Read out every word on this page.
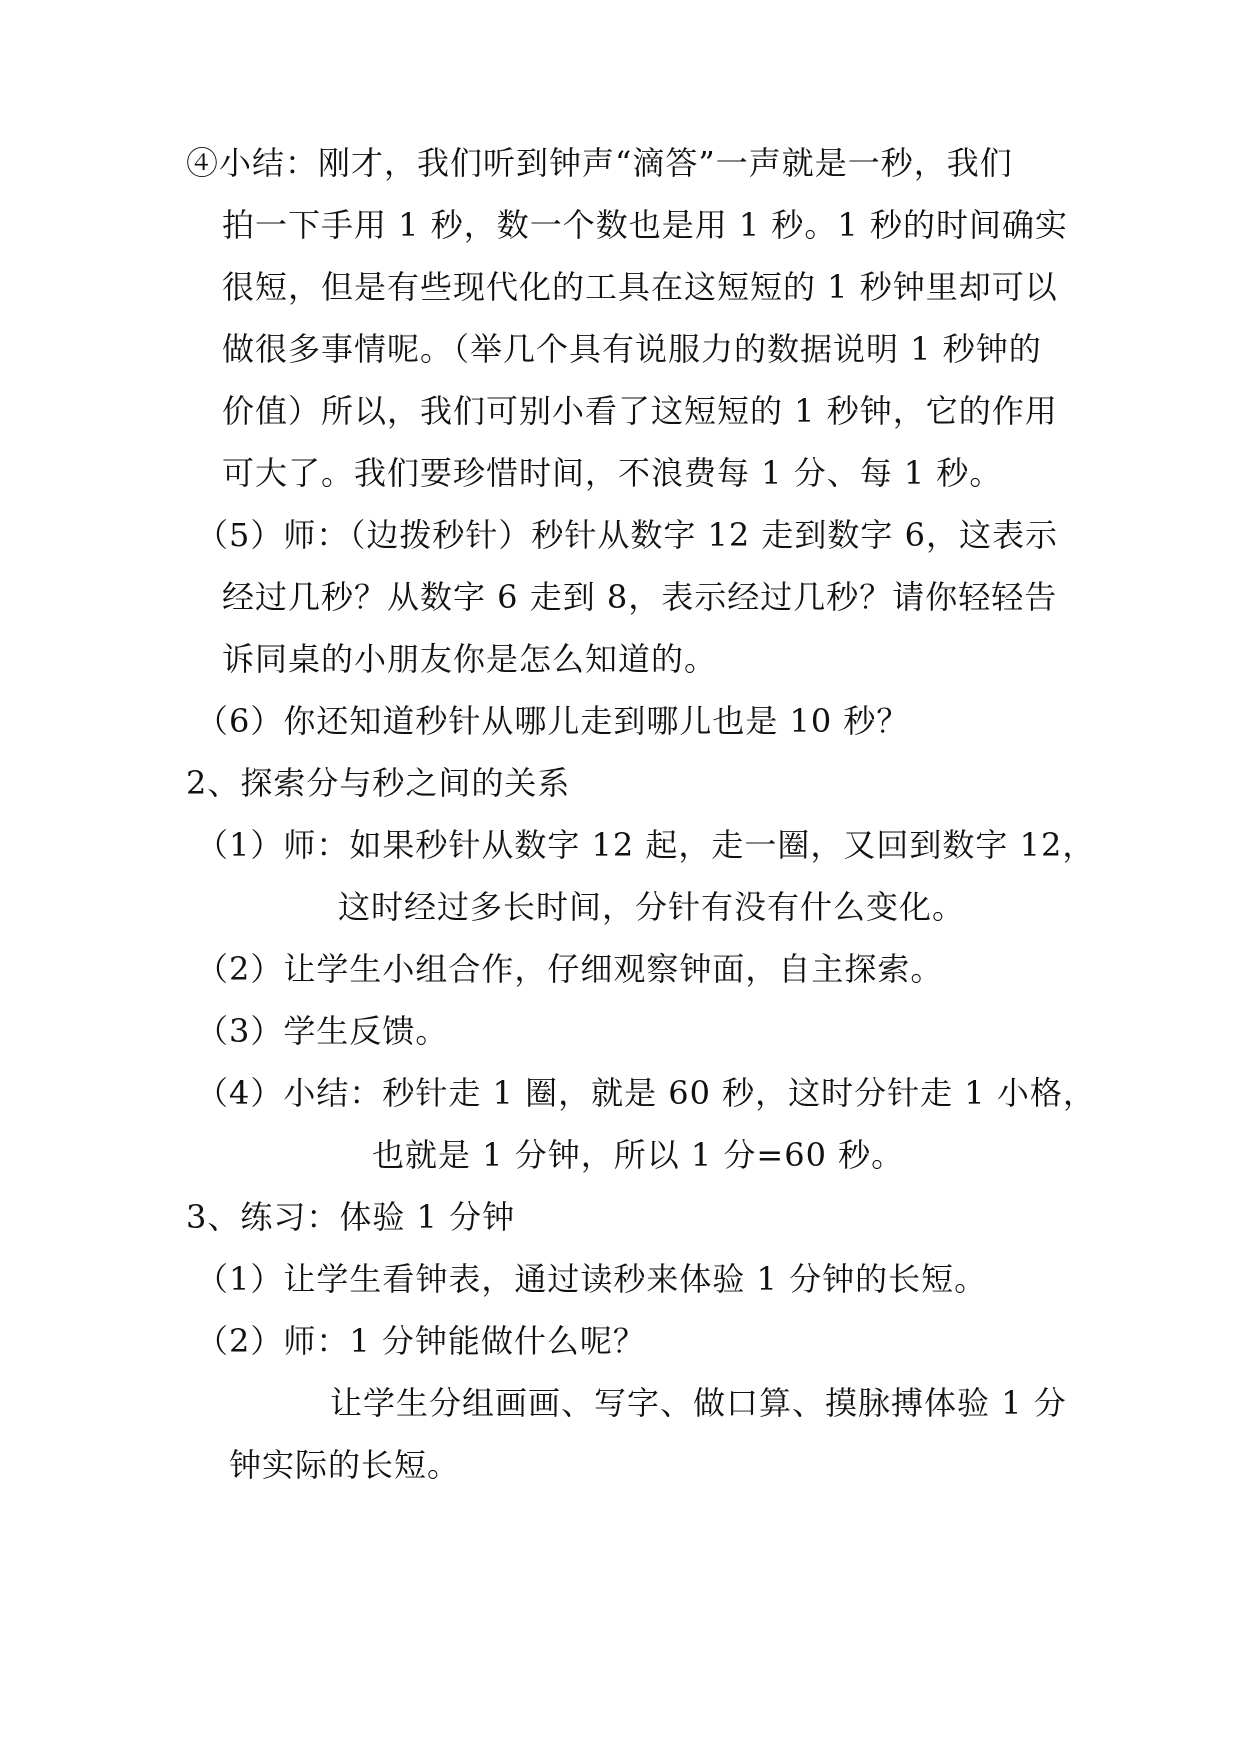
④小结：刚才，我们听到钟声“滴答”一声就是一秒，我们
拍一下手用 1 秒，数一个数也是用 1 秒。1 秒的时间确实
很短，但是有些现代化的工具在这短短的 1 秒钟里却可以
做很多事情呢。（举几个具有说服力的数据说明 1 秒钟的
价值）所以，我们可别小看了这短短的 1 秒钟，它的作用
可大了。我们要珍惜时间，不浪费每 1 分、每 1 秒。
（5）师：（边拨秒针）秒针从数字 12 走到数字 6，这表示
经过几秒？从数字 6 走到 8，表示经过几秒？请你轻轻告
诉同桌的小朋友你是怎么知道的。
（6）你还知道秒针从哪儿走到哪儿也是 10 秒？
2、探索分与秒之间的关系
（1）师：如果秒针从数字 12 起，走一圈，又回到数字 12，
这时经过多长时间，分针有没有什么变化。
（2）让学生小组合作，仔细观察钟面，自主探索。
（3）学生反馈。
（4）小结：秒针走 1 圈，就是 60 秒，这时分针走 1 小格，
也就是 1 分钟，所以 1 分=60 秒。
3、练习：体验 1 分钟
（1）让学生看钟表，通过读秒来体验 1 分钟的长短。
（2）师：1 分钟能做什么呢？
让学生分组画画、写字、做口算、摸脉搏体验 1 分
钟实际的长短。
